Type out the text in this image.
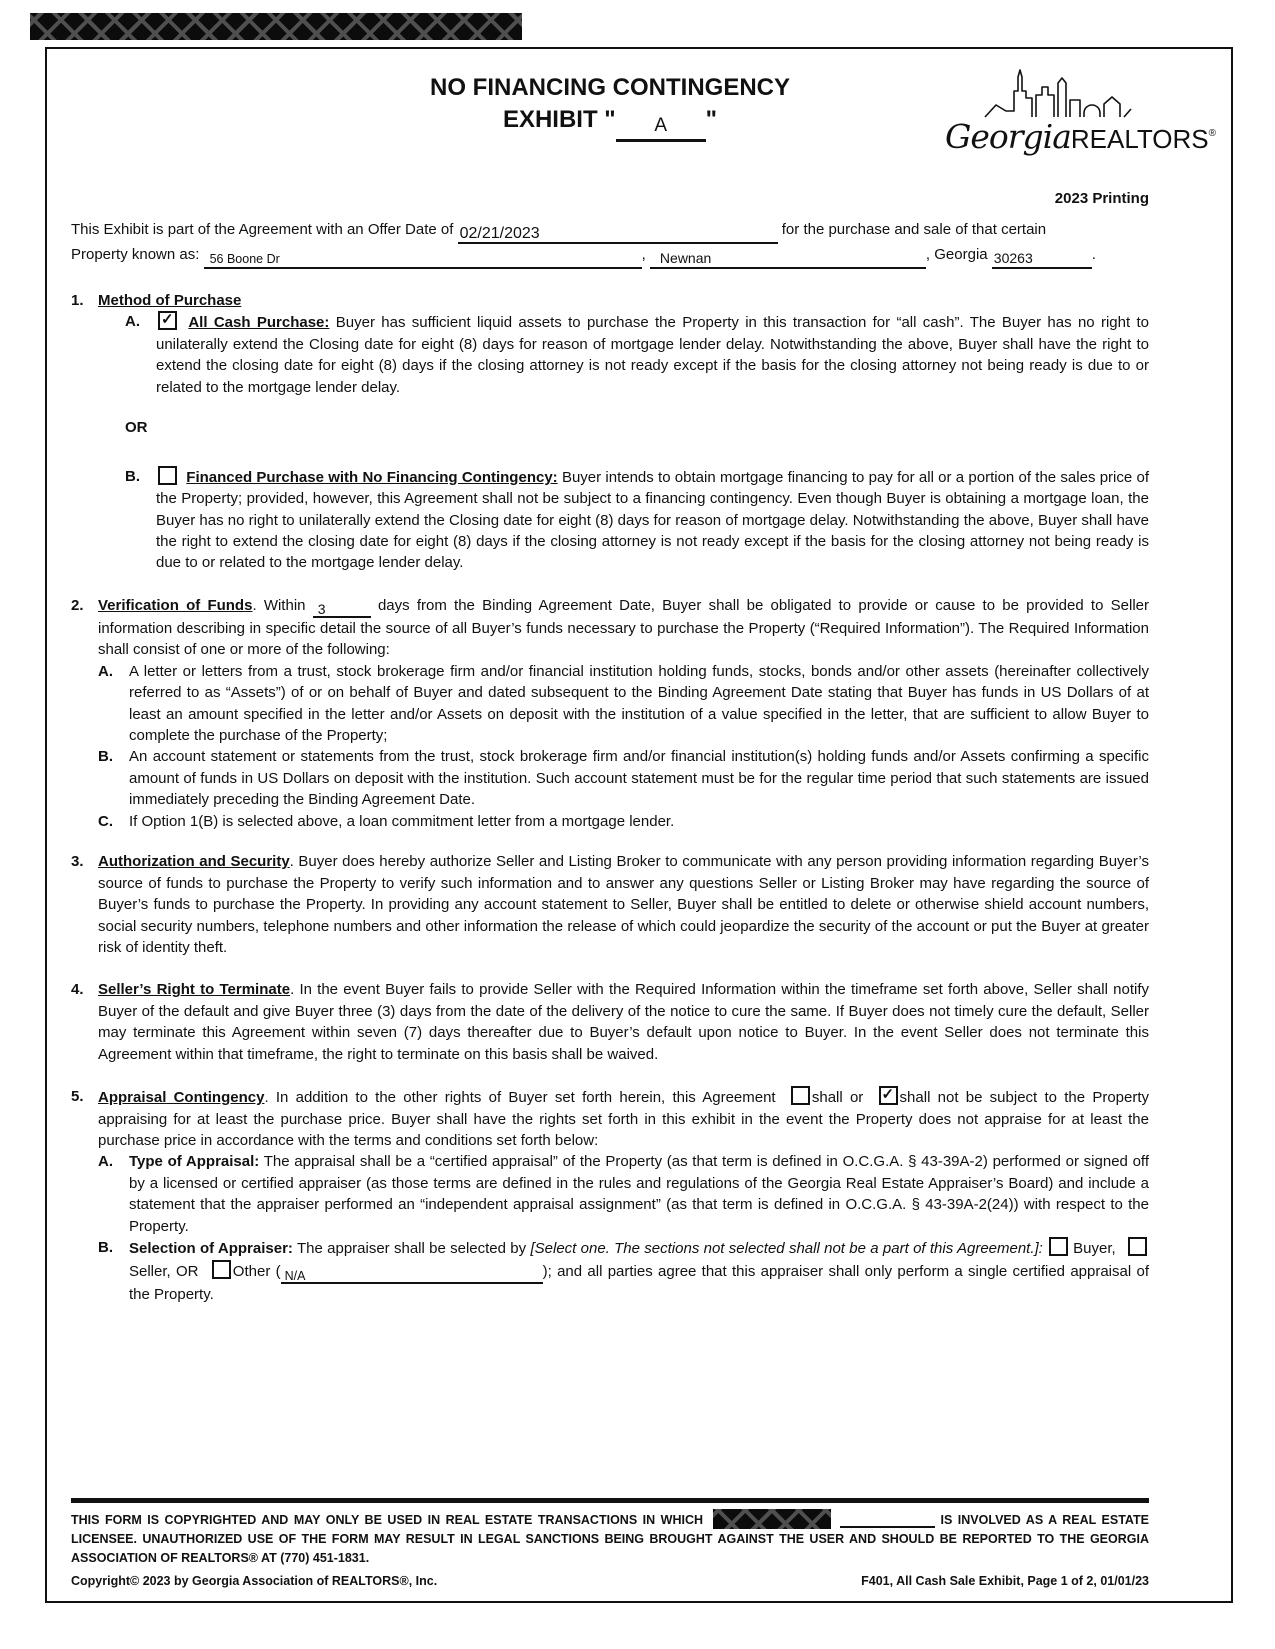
NO FINANCING CONTINGENCY
EXHIBIT " A "	GeorgiaREALTORS®
2023 Printing
This Exhibit is part of the Agreement with an Offer Date of 02/21/2023	for the purchase and sale of that certain
Property known as: 56 Boone Dr	, Newnan	, Georgia 30263	.
1. Method of Purchase
A.	✓ All Cash Purchase: Buyer has sufficient liquid assets to purchase the Property in this transaction for “all cash”. The Buyer has no right to unilaterally extend the Closing date for eight (8) days for reason of mortgage lender delay. Notwithstanding the above, Buyer shall have the right to extend the closing date for eight (8) days if the closing attorney is not ready except if the basis for the closing attorney not being ready is due to or related to the mortgage lender delay.
OR
B.	Financed Purchase with No Financing Contingency: Buyer intends to obtain mortgage financing to pay for all or a portion of the sales price of the Property; provided, however, this Agreement shall not be subject to a financing contingency. Even though Buyer is obtaining a mortgage loan, the Buyer has no right to unilaterally extend the Closing date for eight (8) days for reason of mortgage delay. Notwithstanding the above, Buyer shall have the right to extend the closing date for eight (8) days if the closing attorney is not ready except if the basis for the closing attorney not being ready is due to or related to the mortgage lender delay.
2. Verification of Funds. Within 3	days from the Binding Agreement Date, Buyer shall be obligated to provide or cause to be provided to Seller information describing in specific detail the source of all Buyer’s funds necessary to purchase the Property (“Required Information”). The Required Information shall consist of one or more of the following:
A.	A letter or letters from a trust, stock brokerage firm and/or financial institution holding funds, stocks, bonds and/or other assets (hereinafter collectively referred to as “Assets”) of or on behalf of Buyer and dated subsequent to the Binding Agreement Date stating that Buyer has funds in US Dollars of at least an amount specified in the letter and/or Assets on deposit with the institution of a value specified in the letter, that are sufficient to allow Buyer to complete the purchase of the Property;
B.	An account statement or statements from the trust, stock brokerage firm and/or financial institution(s) holding funds and/or Assets confirming a specific amount of funds in US Dollars on deposit with the institution. Such account statement must be for the regular time period that such statements are issued immediately preceding the Binding Agreement Date.
C.	If Option 1(B) is selected above, a loan commitment letter from a mortgage lender.
3. Authorization and Security. Buyer does hereby authorize Seller and Listing Broker to communicate with any person providing information regarding Buyer’s source of funds to purchase the Property to verify such information and to answer any questions Seller or Listing Broker may have regarding the source of Buyer’s funds to purchase the Property. In providing any account statement to Seller, Buyer shall be entitled to delete or otherwise shield account numbers, social security numbers, telephone numbers and other information the release of which could jeopardize the security of the account or put the Buyer at greater risk of identity theft.
4. Seller’s Right to Terminate. In the event Buyer fails to provide Seller with the Required Information within the timeframe set forth above, Seller shall notify Buyer of the default and give Buyer three (3) days from the date of the delivery of the notice to cure the same. If Buyer does not timely cure the default, Seller may terminate this Agreement within seven (7) days thereafter due to Buyer’s default upon notice to Buyer. In the event Seller does not terminate this Agreement within that timeframe, the right to terminate on this basis shall be waived.
5. Appraisal Contingency. In addition to the other rights of Buyer set forth herein, this Agreement shall or ✓ shall not be subject to the Property appraising for at least the purchase price. Buyer shall have the rights set forth in this exhibit in the event the Property does not appraise for at least the purchase price in accordance with the terms and conditions set forth below:
A.	Type of Appraisal: The appraisal shall be a “certified appraisal” of the Property (as that term is defined in O.C.G.A. § 43-39A-2) performed or signed off by a licensed or certified appraiser (as those terms are defined in the rules and regulations of the Georgia Real Estate Appraiser’s Board) and include a statement that the appraiser performed an “independent appraisal assignment” (as that term is defined in O.C.G.A. § 43-39A-2(24)) with respect to the Property.
B.	Selection of Appraiser: The appraiser shall be selected by [Select one. The sections not selected shall not be a part of this Agreement.]: Buyer, Seller, OR Other ( N/A	); and all parties agree that this appraiser shall only perform a single certified appraisal of the Property.

THIS FORM IS COPYRIGHTED AND MAY ONLY BE USED IN REAL ESTATE TRANSACTIONS IN WHICH	IS INVOLVED AS A REAL ESTATE LICENSEE. UNAUTHORIZED USE OF THE FORM MAY RESULT IN LEGAL SANCTIONS BEING BROUGHT AGAINST THE USER AND SHOULD BE REPORTED TO THE GEORGIA ASSOCIATION OF REALTORS® AT (770) 451-1831.

Copyright© 2023 by Georgia Association of REALTORS®, Inc.	F401, All Cash Sale Exhibit, Page 1 of 2, 01/01/23
